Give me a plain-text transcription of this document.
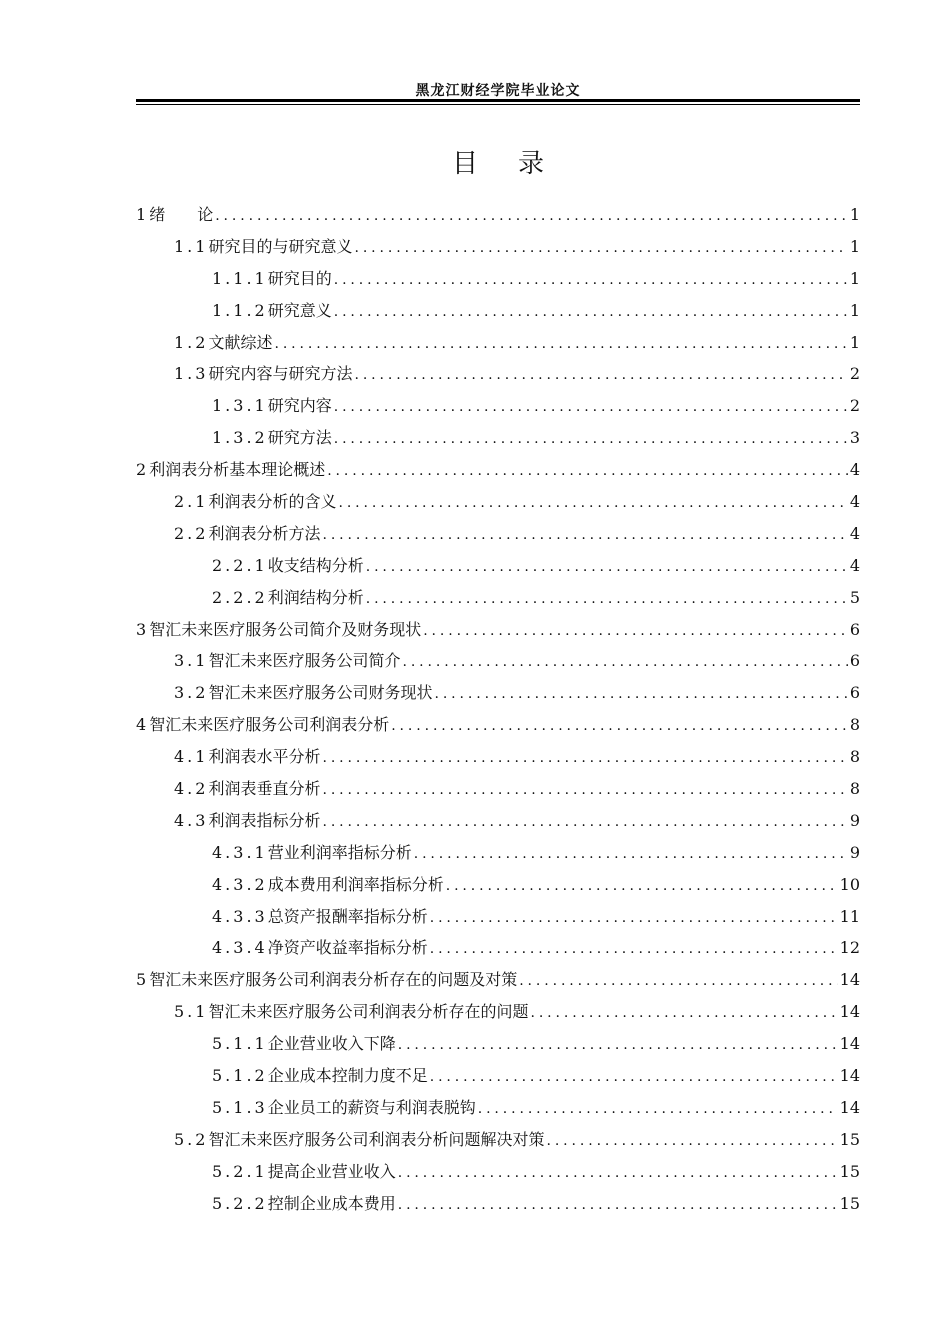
黑龙江财经学院毕业论文
目录
1 绪　　论 .....	1
1.1 研究目的与研究意义 .....	1
1.1.1 研究目的 .....	1
1.1.2 研究意义 .....	1
1.2 文献综述 .....	1
1.3 研究内容与研究方法 .....	2
1.3.1 研究内容 .....	2
1.3.2 研究方法 .....	3
2 利润表分析基本理论概述 .....	4
2.1 利润表分析的含义 .....	4
2.2 利润表分析方法 .....	4
2.2.1 收支结构分析 .....	4
2.2.2 利润结构分析 .....	5
3 智汇未来医疗服务公司简介及财务现状 .....	6
3.1 智汇未来医疗服务公司简介 .....	6
3.2 智汇未来医疗服务公司财务现状 .....	6
4 智汇未来医疗服务公司利润表分析 .....	8
4.1 利润表水平分析 .....	8
4.2 利润表垂直分析 .....	8
4.3 利润表指标分析 .....	9
4.3.1 营业利润率指标分析 .....	9
4.3.2 成本费用利润率指标分析 .....	10
4.3.3 总资产报酬率指标分析 .....	11
4.3.4 净资产收益率指标分析 .....	12
5 智汇未来医疗服务公司利润表分析存在的问题及对策 .....	14
5.1 智汇未来医疗服务公司利润表分析存在的问题 .....	14
5.1.1 企业营业收入下降 .....	14
5.1.2 企业成本控制力度不足 .....	14
5.1.3 企业员工的薪资与利润表脱钩 .....	14
5.2 智汇未来医疗服务公司利润表分析问题解决对策 .....	15
5.2.1 提高企业营业收入 .....	15
5.2.2 控制企业成本费用 .....	15
